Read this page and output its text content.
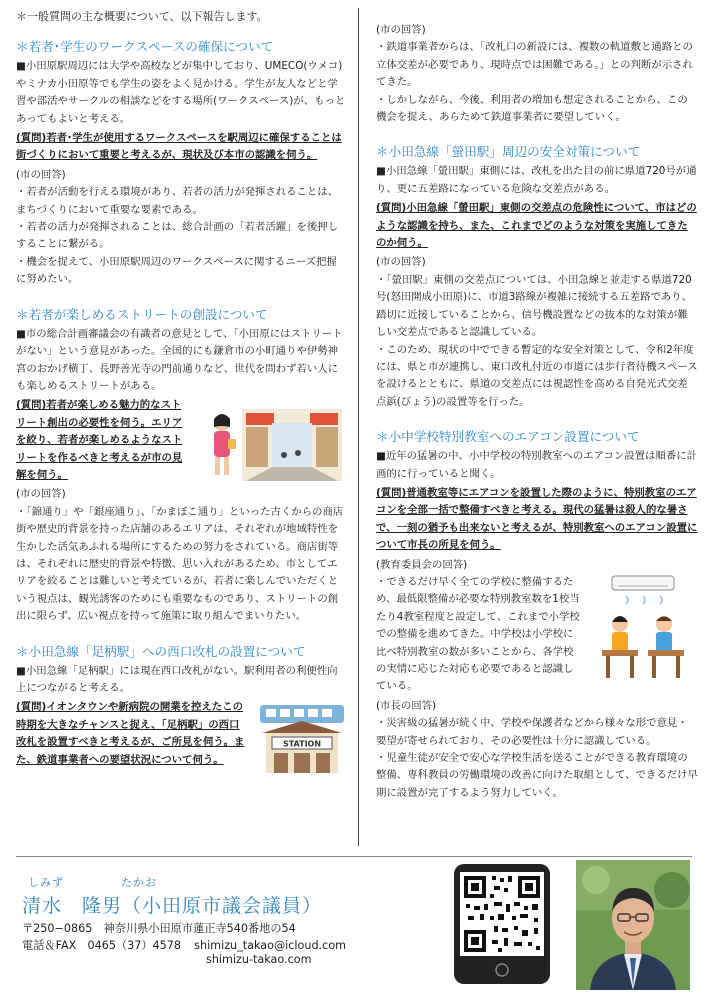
＊一般質問の主な概要について、以下報告します。

＊若者･学生のワークスペースの確保について

■小田原駅周辺には大学や高校などが集中しており、UMECO(ウメコ)やミナカ小田原等でも学生の姿をよく見かける。学生が友人などと学習や部活やサークルの相談などをする場所(ワークスペース)が、もっとあってもよいと考える。

(質問)若者･学生が使用するワークスペースを駅周辺に確保することは街づくりにおいて重要と考えるが、現状及び本市の認識を伺う。

(市の回答)

・若者が活動を行える環境があり、若者の活力が発揮されることは、まちづくりにおいて重要な要素である。
・若者の活力が発揮されることは、総合計画の「若者活躍」を後押しすることに繋がる。
・機会を捉えて、小田原駅周辺のワークスペースに関するニーズ把握に努めたい。

＊若者が楽しめるストリートの創設について

■市の総合計画審議会の有識者の意見として、「小田原にはストリートがない」という意見があった。全国的にも鎌倉市の小町通りや伊勢神宮のおかげ横丁、長野善光寺の門前通りなど、世代を問わず若い人にも楽しめるストリートがある。

(質問)若者が楽しめる魅力的なストリート創出の必要性を伺う。エリアを絞り、若者が楽しめるようなストリートを作るべきと考えるが市の見解を伺う。

(市の回答)

・「錦通り」や「銀座通り」、「かまぼこ通り」といった古くからの商店街や歴史的背景を持った店舗のあるエリアは、それぞれが地域特性を生かした活気あふれる場所にするための努力をされている。商店街等は、それぞれに歴史的背景や特徴、思い入れがあるため、市としてエリアを絞ることは難しいと考えているが、若者に楽しんでいただくという視点は、観光誘客のためにも重要なものであり、ストリートの創出に限らず、広い視点を持って施策に取り組んでまいりたい。

＊小田急線「足柄駅」への西口改札の設置について

■小田急線「足柄駅」には現在西口改札がない。駅利用者の利便性向上につながると考える。

(質問)イオンタウンや新病院の開業を控えたこの時期を大きなチャンスと捉え、「足柄駅」の西口改札を設置すべきと考えるが、ご所見を伺う。また、鉄道事業者への要望状況について伺う。

STATION

(市の回答)

・鉄道事業者からは、「改札口の新設には、複数の軌道敷と通路との立体交差が必要であり、現時点では困難である。」との判断が示されてきた。
・しかしながら、今後、利用者の増加も想定されることから、この機会を捉え、あらためて鉄道事業者に要望していく。

＊小田急線「螢田駅」周辺の安全対策について

■小田急線「螢田駅」東側には、改札を出た目の前に県道720号が通り、更に五差路になっている危険な交差点がある。

(質問)小田急線「螢田駅」東側の交差点の危険性について、市はどのような認識を持ち、また、これまでどのような対策を実施してきたのか伺う。

(市の回答)

・「螢田駅」東側の交差点については、小田急線と並走する県道720号(怒田開成小田原)に、市道3路線が複雑に接続する五差路であり、踏切に近接していることから、信号機設置などの抜本的な対策が難しい交差点であると認識している。
・このため、現状の中でできる暫定的な安全対策として、令和2年度には、県と市が連携し、東口改札付近の市道には歩行者待機スペースを設けるとともに、県道の交差点には視認性を高める自発光式交差点鋲(びょう)の設置等を行った。

＊小中学校特別教室へのエアコン設置について

■近年の猛暑の中、小中学校の特別教室へのエアコン設置は順番に計画的に行っていると聞く。

(質問)普通教室等にエアコンを設置した際のように、特別教室のエアコンを全部一括で整備すべきと考える。現代の猛暑は殺人的な暑さで、一刻の猶予も出来ないと考えるが、特別教室へのエアコン設置について市長の所見を伺う。

(教育委員会の回答)

・できるだけ早く全ての学校に整備するため、最低限整備が必要な特別教室数を1校当たり4教室程度と設定して、これまで小学校での整備を進めてきた。中学校は小学校に比べ特別教室の数が多いことから、各学校の実情に応じた対応も必要であると認識している。

(市長の回答)

・災害級の猛暑が続く中、学校や保護者などから様々な形で意見・要望が寄せられており、その必要性は十分に認識している。
・児童生徒が安全で安心な学校生活を送ることができる教育環境の整備、専科教員の労働環境の改善に向けた取組として、できるだけ早期に設置が完了するよう努力していく。

しみず	たかお
清水　隆男（小田原市議会議員）
〒250−0865　神奈川県小田原市蓮正寺540番地の54
電話＆FAX　0465（37）4578 shimizu_takao@icloud.com
shimizu-takao.com
